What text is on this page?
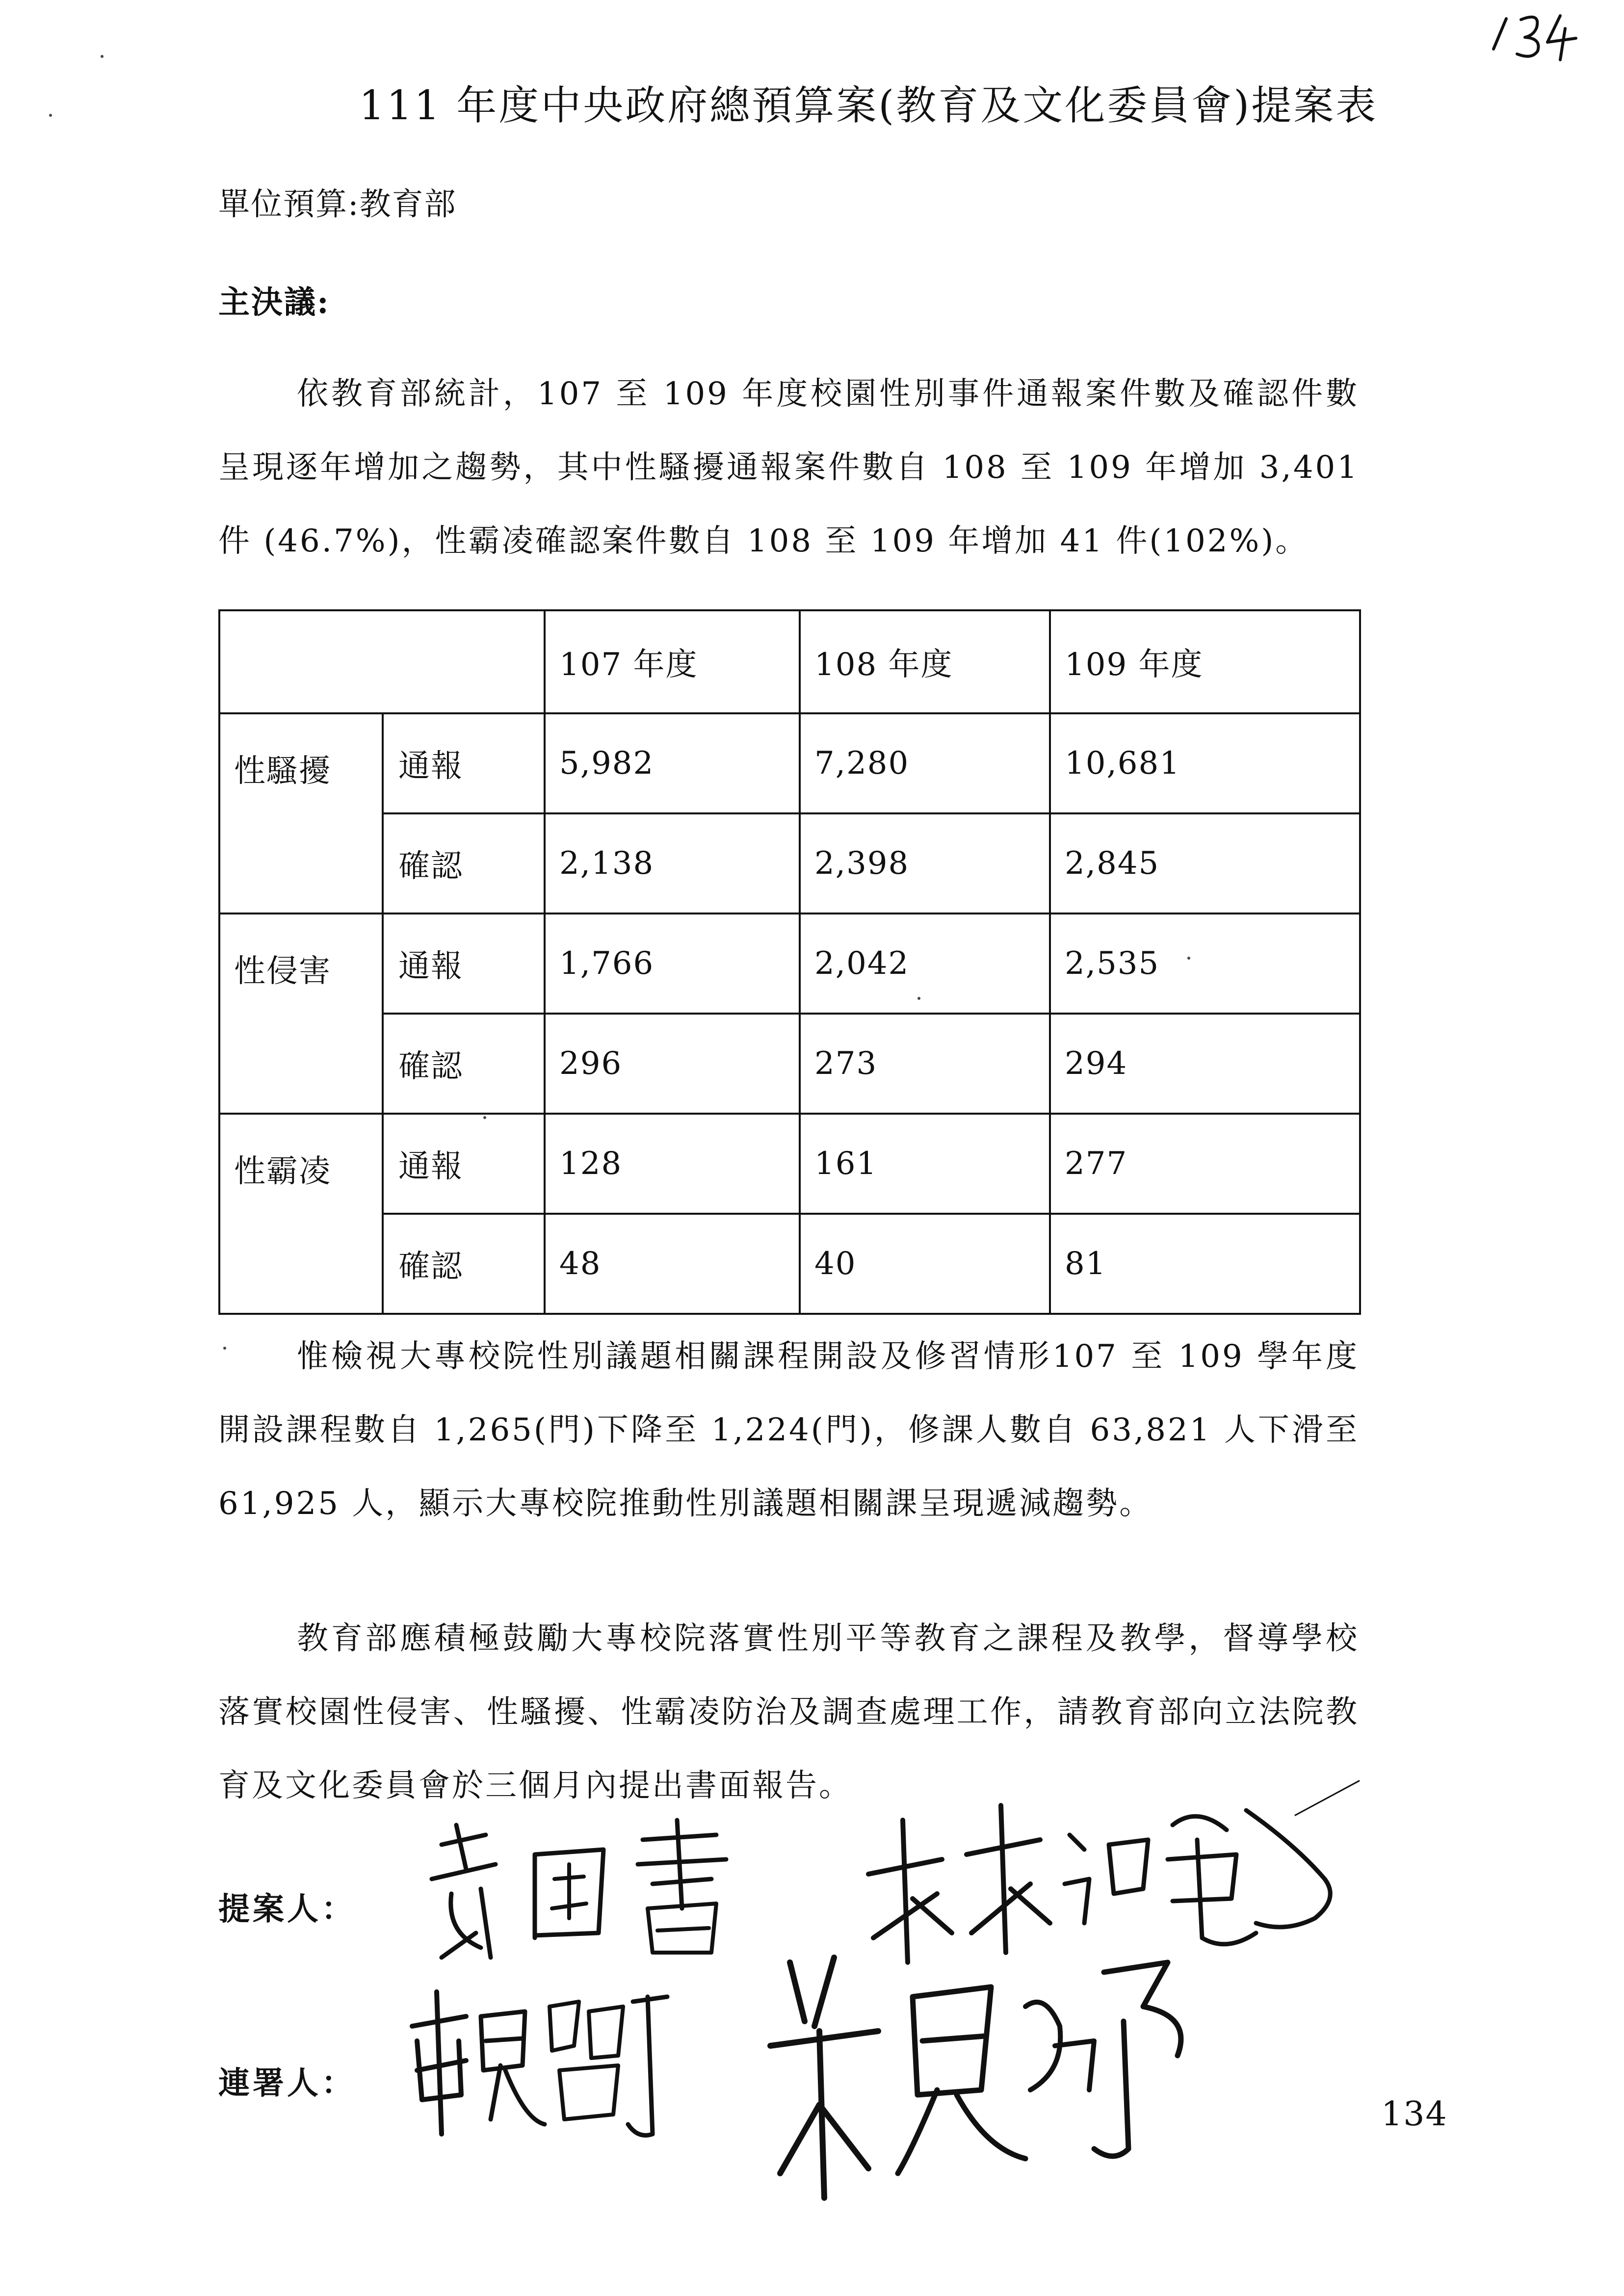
111 年度中央政府總預算案(教育及文化委員會)提案表
單位預算:教育部
主決議:

依教育部統計，107 至 109 年度校園性別事件通報案件數及確認件數呈現逐年增加之趨勢，其中性騷擾通報案件數自 108 至 109 年增加 3,401 件 (46.7%)，性霸凌確認案件數自 108 至 109 年增加 41 件(102%)。

		107 年度	108 年度	109 年度
性騷擾	通報	5,982	7,280	10,681
	確認	2,138	2,398	2,845
性侵害	通報	1,766	2,042	2,535
	確認	296	273	294
性霸凌	通報	128	161	277
	確認	48	40	81

惟檢視大專校院性別議題相關課程開設及修習情形107 至 109 學年度開設課程數自 1,265(門)下降至 1,224(門)，修課人數自 63,821 人下滑至 61,925 人，顯示大專校院推動性別議題相關課呈現遞減趨勢。

教育部應積極鼓勵大專校院落實性別平等教育之課程及教學，督導學校落實校園性侵害、性騷擾、性霸凌防治及調查處理工作，請教育部向立法院教育及文化委員會於三個月內提出書面報告。

提案人：
連署人：
134
